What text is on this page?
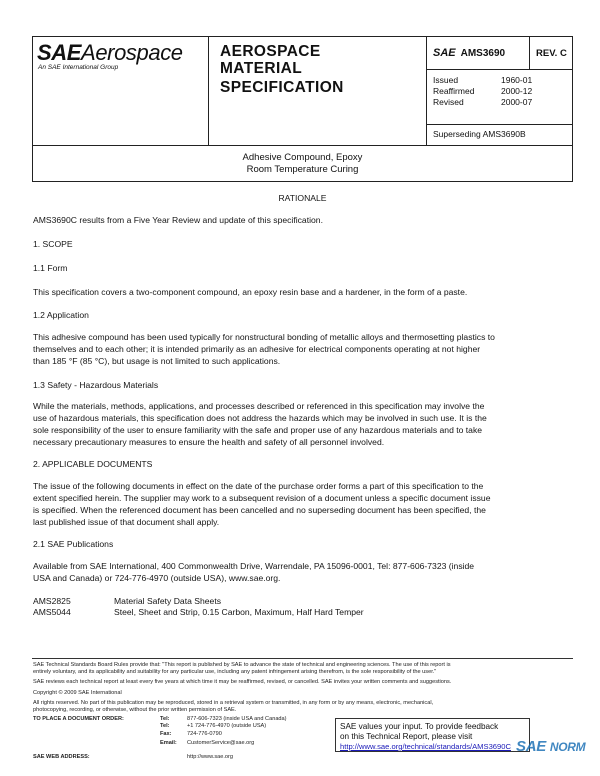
SAEAerospace
An SAE International Group
AEROSPACE
MATERIAL
SPECIFICATION
SAE AMS3690	REV. C
Issued	1960-01
Reaffirmed	2000-12
Revised	2000-07
Superseding AMS3690B
Adhesive Compound, Epoxy
Room Temperature Curing
RATIONALE
AMS3690C results from a Five Year Review and update of this specification.
1. SCOPE
1.1 Form
This specification covers a two-component compound, an epoxy resin base and a hardener, in the form of a paste.
1.2 Application
This adhesive compound has been used typically for nonstructural bonding of metallic alloys and thermosetting plastics to
themselves and to each other; it is intended primarily as an adhesive for electrical components operating at not higher
than 185 °F (85 °C), but usage is not limited to such applications.
1.3 Safety - Hazardous Materials
While the materials, methods, applications, and processes described or referenced in this specification may involve the
use of hazardous materials, this specification does not address the hazards which may be involved in such use. It is the
sole responsibility of the user to ensure familiarity with the safe and proper use of any hazardous materials and to take
necessary precautionary measures to ensure the health and safety of all personnel involved.
2. APPLICABLE DOCUMENTS
The issue of the following documents in effect on the date of the purchase order forms a part of this specification to the
extent specified herein. The supplier may work to a subsequent revision of a document unless a specific document issue
is specified. When the referenced document has been cancelled and no superseding document has been specified, the
last published issue of that document shall apply.
2.1 SAE Publications
Available from SAE International, 400 Commonwealth Drive, Warrendale, PA 15096-0001, Tel: 877-606-7323 (inside
USA and Canada) or 724-776-4970 (outside USA), www.sae.org.
AMS2825	Material Safety Data Sheets
AMS5044	Steel, Sheet and Strip, 0.15 Carbon, Maximum, Half Hard Temper
SAE Technical Standards Board Rules provide that: "This report is published by SAE to advance the state of technical and engineering sciences. The use of this report is
entirely voluntary, and its applicability and suitability for any particular use, including any patent infringement arising therefrom, is the sole responsibility of the user."
SAE reviews each technical report at least every five years at which time it may be reaffirmed, revised, or cancelled. SAE invites your written comments and suggestions.
Copyright © 2009 SAE International
All rights reserved. No part of this publication may be reproduced, stored in a retrieval system or transmitted, in any form or by any means, electronic, mechanical,
photocopying, recording, or otherwise, without the prior written permission of SAE.
TO PLACE A DOCUMENT ORDER:	Tel:	877-606-7323 (inside USA and Canada)
Tel:	+1 724-776-4970 (outside USA)
Fax:	724-776-0790
Email: CustomerService@sae.org
SAE WEB ADDRESS:	http://www.sae.org
SAE values your input. To provide feedback
on this Technical Report, please visit
http://www.sae.org/technical/standards/AMS3690C SAE NORM
